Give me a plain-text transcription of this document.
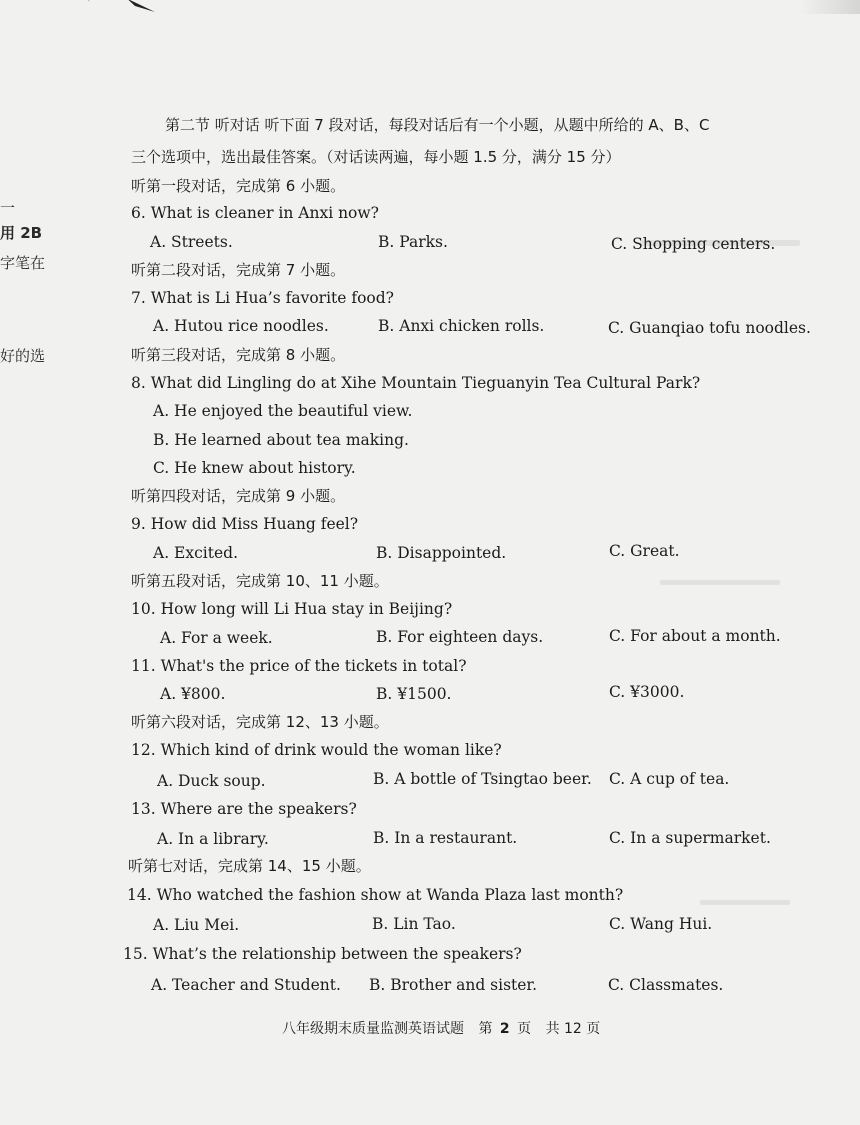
一
用 2B
字笔在
好的选
第二节 听对话 听下面 7 段对话，每段对话后有一个小题，从题中所给的 A、B、C
三个选项中，选出最佳答案。（对话读两遍，每小题 1.5 分，满分 15 分）
听第一段对话，完成第 6 小题。
6. What is cleaner in Anxi now?
A. Streets.	B. Parks.	C. Shopping centers.
听第二段对话，完成第 7 小题。
7. What is Li Hua’s favorite food?
A. Hutou rice noodles.	B. Anxi chicken rolls.	C. Guanqiao tofu noodles.
听第三段对话，完成第 8 小题。
8. What did Lingling do at Xihe Mountain Tieguanyin Tea Cultural Park?
A. He enjoyed the beautiful view.
B. He learned about tea making.
C. He knew about history.
听第四段对话，完成第 9 小题。
9. How did Miss Huang feel?
A. Excited.	B. Disappointed.	C. Great.
听第五段对话，完成第 10、11 小题。
10. How long will Li Hua stay in Beijing?
A. For a week.	B. For eighteen days.	C. For about a month.
11. What's the price of the tickets in total?
A. ¥800.	B. ¥1500.	C. ¥3000.
听第六段对话，完成第 12、13 小题。
12. Which kind of drink would the woman like?
A. Duck soup.	B. A bottle of Tsingtao beer. C. A cup of tea.
13. Where are the speakers?
A. In a library.	B. In a restaurant.	C. In a supermarket.
听第七对话，完成第 14、15 小题。
14. Who watched the fashion show at Wanda Plaza last month?
A. Liu Mei.	B. Lin Tao.	C. Wang Hui.
15. What’s the relationship between the speakers?
A. Teacher and Student. B. Brother and sister.	C. Classmates.
八年级期末质量监测英语试题 第 2 页 共 12 页
